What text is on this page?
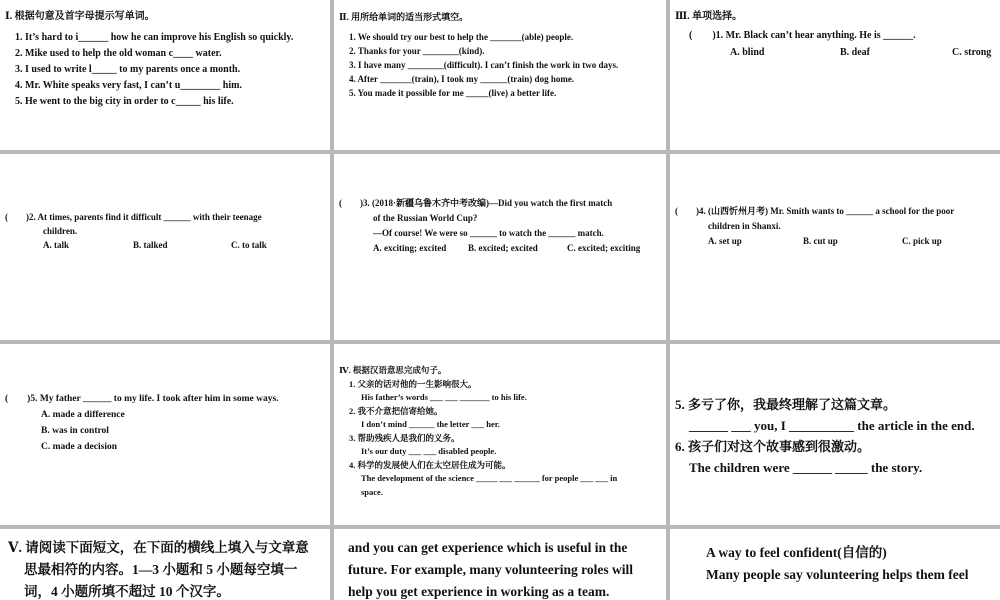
Ⅰ. 根据句意及首字母提示写单词。
1. It’s hard to i______ how he can improve his English so quickly.
2. Mike used to help the old woman c____ water.
3. I used to write l_____ to my parents once a month.
4. Mr. White speaks very fast, I can’t u________ him.
5. He went to the big city in order to c_____ his life.
Ⅱ. 用所给单词的适当形式填空。
1. We should try our best to help the _______(able) people.
2. Thanks for your ________(kind).
3. I have many ________(difficult). I can’t finish the work in two days.
4. After _______(train), I took my ______(train) dog home.
5. You made it possible for me _____(live) a better life.
Ⅲ. 单项选择。
(　　)1. Mr. Black can’t hear anything. He is ______.
A. blind	B. deaf	C. strong
(　　)2. At times, parents find it difficult ______ with their teenage
children.
A. talk	B. talked	C. to talk
(　　)3. (2018·新疆乌鲁木齐中考改编)—Did you watch the first match
of the Russian World Cup?
—Of course! We were so ______ to watch the ______ match.
A. exciting; excited	B. excited; excited	C. excited; exciting
(　　)4. (山西忻州月考) Mr. Smith wants to ______ a school for the poor
children in Shanxi.
A. set up	B. cut up	C. pick up
(　　)5. My father ______ to my life. I took after him in some ways.
A. made a difference
B. was in control
C. made a decision
Ⅳ. 根据汉语意思完成句子。
1. 父亲的话对他的一生影响很大。
His father’s words ___ ___ _______ to his life.
2. 我不介意把信寄给她。
I don’t mind ______ the letter ___ her.
3. 帮助残疾人是我们的义务。
It’s our duty ___ ___ disabled people.
4. 科学的发展使人们在太空居住成为可能。
The development of the science _____ ___ ______ for people ___ ___ in
space.
5. 多亏了你，我最终理解了这篇文章。
______ ___ you, I __________ the article in the end.
6. 孩子们对这个故事感到很激动。
The children were ______ _____ the story.
Ⅴ. 请阅读下面短文，在下面的横线上填入与文章意
思最相符的内容。1—3 小题和 5 小题每空填一
词，4 小题所填不超过 10 个汉字。
and you can get experience which is useful in the
future. For example, many volunteering roles will
help you get experience in working as a team.
A way to feel confident(自信的)
Many people say volunteering helps them feel
